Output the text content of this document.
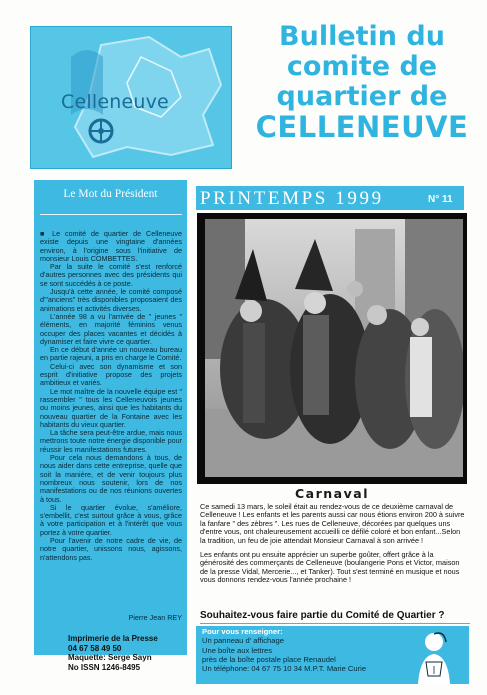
Celleneuve
Bulletin du
comite de
quartier de
CELLENEUVE
Le Mot du Président

■ Le comité de quartier de Celleneuve existe depuis une vingtaine d'années environ, à l'origine sous l'initiative de monsieur Louis COMBETTES.

Par la suite le comité s'est renforcé d'autres personnes avec des présidents qui se sont succédés à ce poste.

Jusqu'à cette année, le comité composé d'"anciens" très disponibles proposaient des animations et activités diverses.

L'année 98 a vu l'arrivée de " jeunes " éléments, en majorité féminins venus occuper des places vacantes et décidés à dynamiser et faire vivre ce quartier.

En ce début d'année un nouveau bureau en partie rajeuni, a pris en charge le Comité.

Celui-ci avec son dynamisme et son esprit d'initiative propose des projets ambitieux et variés.

Le mot maître de la nouvelle équipe est " rassembler " tous les Celleneuvois jeunes ou moins jeunes, ainsi que les habitants du nouveau quartier de la Fontaine avec les habitants du vieux quartier.

La tâche sera peut-être ardue, mais nous mettrons toute notre énergie disponible pour réussir les manifestations futures.

Pour cela nous demandons à tous, de nous aider dans cette entreprise, quelle que soit la manière, et de venir toujours plus nombreux nous soutenir, lors de nos manifestations ou de nos réunions ouvertes à tous.

Si le quartier évolue, s'améliore, s'embellit, c'est surtout grâce à vous, grâce à votre participation et à l'intérêt que vous portez à votre quartier.

Pour l'avenir de notre cadre de vie, de notre quartier, unissons nous, agissons, n'attendons pas.

Pierre Jean REY
Imprimerie de la Presse
04 67 58 49 50
Maquette: Serge Sayn
No ISSN 1246-8495
PRINTEMPS 1999	N° 11
Carnaval

Ce samedi 13 mars, le soleil était au rendez-vous de ce deuxième carnaval de Celleneuve ! Les enfants et les parents aussi car nous étions environ 200 à suivre la fanfare " des zèbres ". Les rues de Celleneuve, décorées par quelques uns d'entre vous, ont chaleureusement accueilli ce défilé coloré et bon enfant...Selon la tradition, un feu de joie attendait Monsieur Carnaval à son arrivée !

Les enfants ont pu ensuite apprécier un superbe goûter, offert grâce à la générosité des commerçants de Celleneuve (boulangerie Pons et Victor, maison de la presse Vidal, Mercerie..., et Tanker). Tout s'est terminé en musique et nous vous donnons rendez-vous l'année prochaine !

Souhaitez-vous faire partie du Comité de Quartier ?
Pour vous renseigner:
Un panneau d' affichage
Une boîte aux lettres
près de la boîte postale place Renaudel
Un téléphone: 04 67 75 10 34 M.P.T. Marie Curie
